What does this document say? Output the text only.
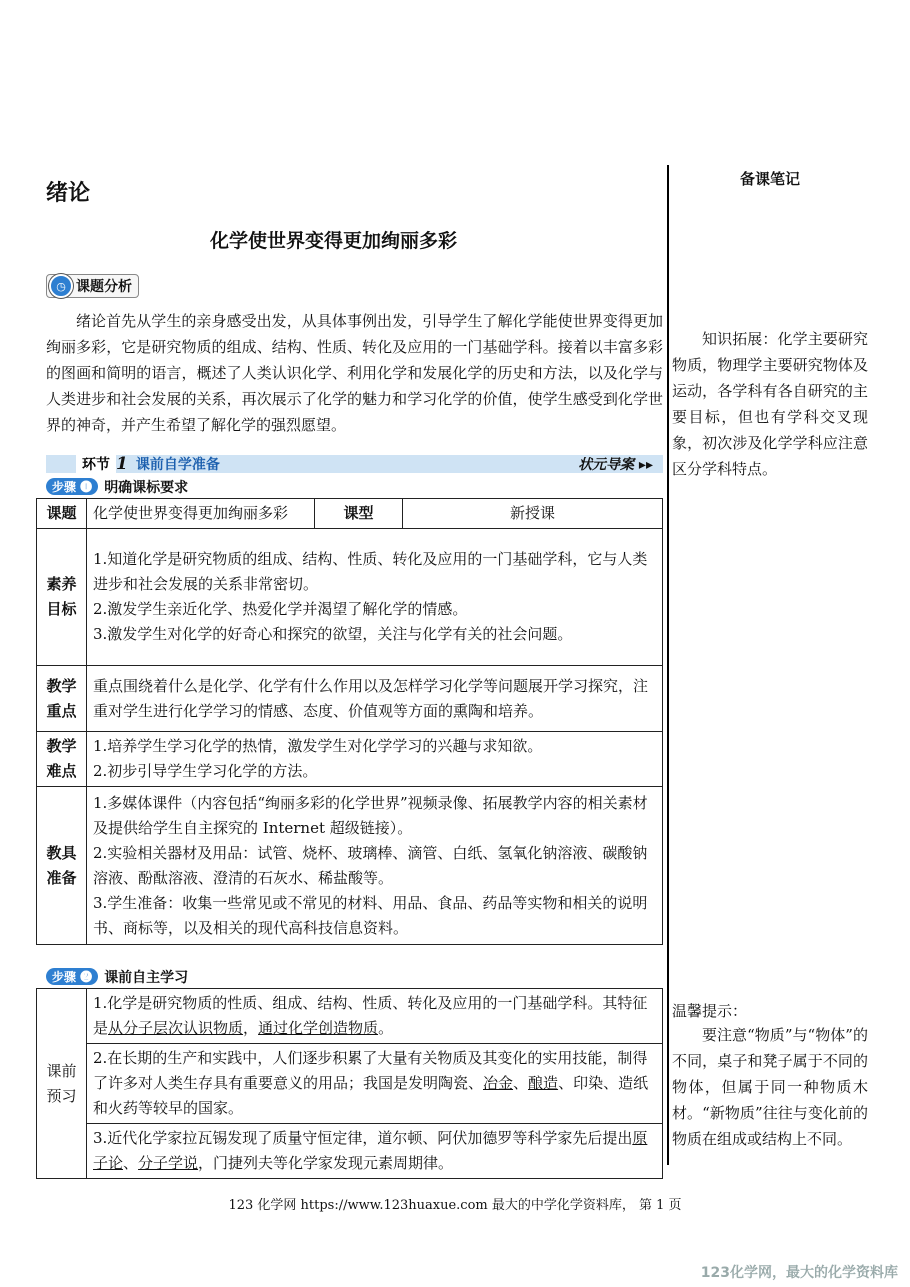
绪论
化学使世界变得更加绚丽多彩
备课笔记
◷ 课题分析
绪论首先从学生的亲身感受出发，从具体事例出发，引导学生了解化学能使世界变得更加绚丽多彩，它是研究物质的组成、结构、性质、转化及应用的一门基础学科。接着以丰富多彩的图画和简明的语言，概述了人类认识化学、利用化学和发展化学的历史和方法，以及化学与人类进步和社会发展的关系，再次展示了化学的魅力和学习化学的价值，使学生感受到化学世界的神奇，并产生希望了解化学的强烈愿望。
知识拓展：化学主要研究物质，物理学主要研究物体及运动，各学科有各自研究的主要目标，但也有学科交叉现象，初次涉及化学学科应注意区分学科特点。
环节 1 课前自学准备	状元导案 ▸▸
步骤 ❶ 明确课标要求
课题	化学使世界变得更加绚丽多彩	课型	新授课
素养目标	1.知道化学是研究物质的组成、结构、性质、转化及应用的一门基础学科，它与人类进步和社会发展的关系非常密切。
2.激发学生亲近化学、热爱化学并渴望了解化学的情感。
3.激发学生对化学的好奇心和探究的欲望，关注与化学有关的社会问题。		

教学重点	重点围绕着什么是化学、化学有什么作用以及怎样学习化学等问题展开学习探究，注重对学生进行化学学习的情感、态度、价值观等方面的熏陶和培养。		
教学难点	1.培养学生学习化学的热情，激发学生对化学学习的兴趣与求知欲。
2.初步引导学生学习化学的方法。		

教具准备	1.多媒体课件（内容包括“绚丽多彩的化学世界”视频录像、拓展教学内容的相关素材及提供给学生自主探究的 Internet 超级链接）。
2.实验相关器材及用品：试管、烧杯、玻璃棒、滴管、白纸、氢氧化钠溶液、碳酸钠溶液、酚酞溶液、澄清的石灰水、稀盐酸等。
3.学生准备：收集一些常见或不常见的材料、用品、食品、药品等实物和相关的说明书、商标等，以及相关的现代高科技信息资料。		
步骤 ❷ 课前自主学习
课前预习	1.化学是研究物质的性质、组成、结构、性质、转化及应用的一门基础学科。其特征是从分子层次认识物质，通过化学创造物质。
2.在长期的生产和实践中，人们逐步积累了大量有关物质及其变化的实用技能，制得了许多对人类生存具有重要意义的用品；我国是发明陶瓷、冶金、酿造、印染、造纸和火药等较早的国家。
3.近代化学家拉瓦锡发现了质量守恒定律，道尔顿、阿伏加德罗等科学家先后提出原子论、分子学说，门捷列夫等化学家发现元素周期律。
温馨提示：
要注意“物质”与“物体”的不同，桌子和凳子属于不同的物体，但属于同一种物质木材。“新物质”往往与变化前的物质在组成或结构上不同。
123 化学网 https://www.123huaxue.com 最大的中学化学资料库， 第 1 页
123化学网，最大的化学资料库
